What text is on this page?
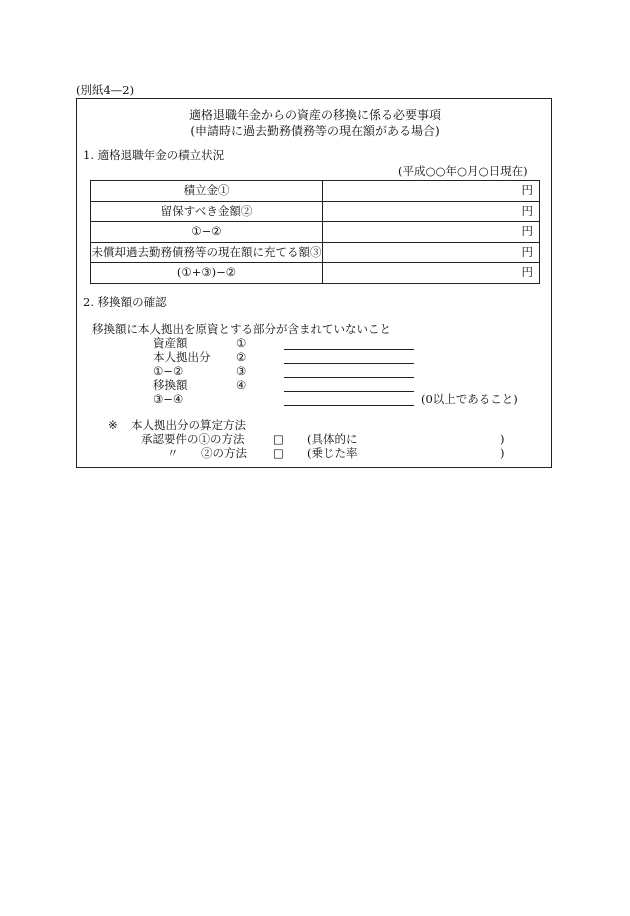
(別紙4—2)
適格退職年金からの資産の移換に係る必要事項
(申請時に過去勤務債務等の現在額がある場合)
1. 適格退職年金の積立状況
(平成○○年○月○日現在)
積立金①	円
留保すべき金額②	円
①−②	円
未償却過去勤務債務等の現在額に充てる額③	円
(①+③)−②	円
2. 移換額の確認
移換額に本人拠出を原資とする部分が含まれていないこと
資産額	①
本人拠出分 ②
①−②	③
移換額	④
③−④	(0以上であること)
※ 本人拠出分の算定方法
承認要件の①の方法 □ (具体的に	)
〃 ②の方法 □ (乗じた率	)
